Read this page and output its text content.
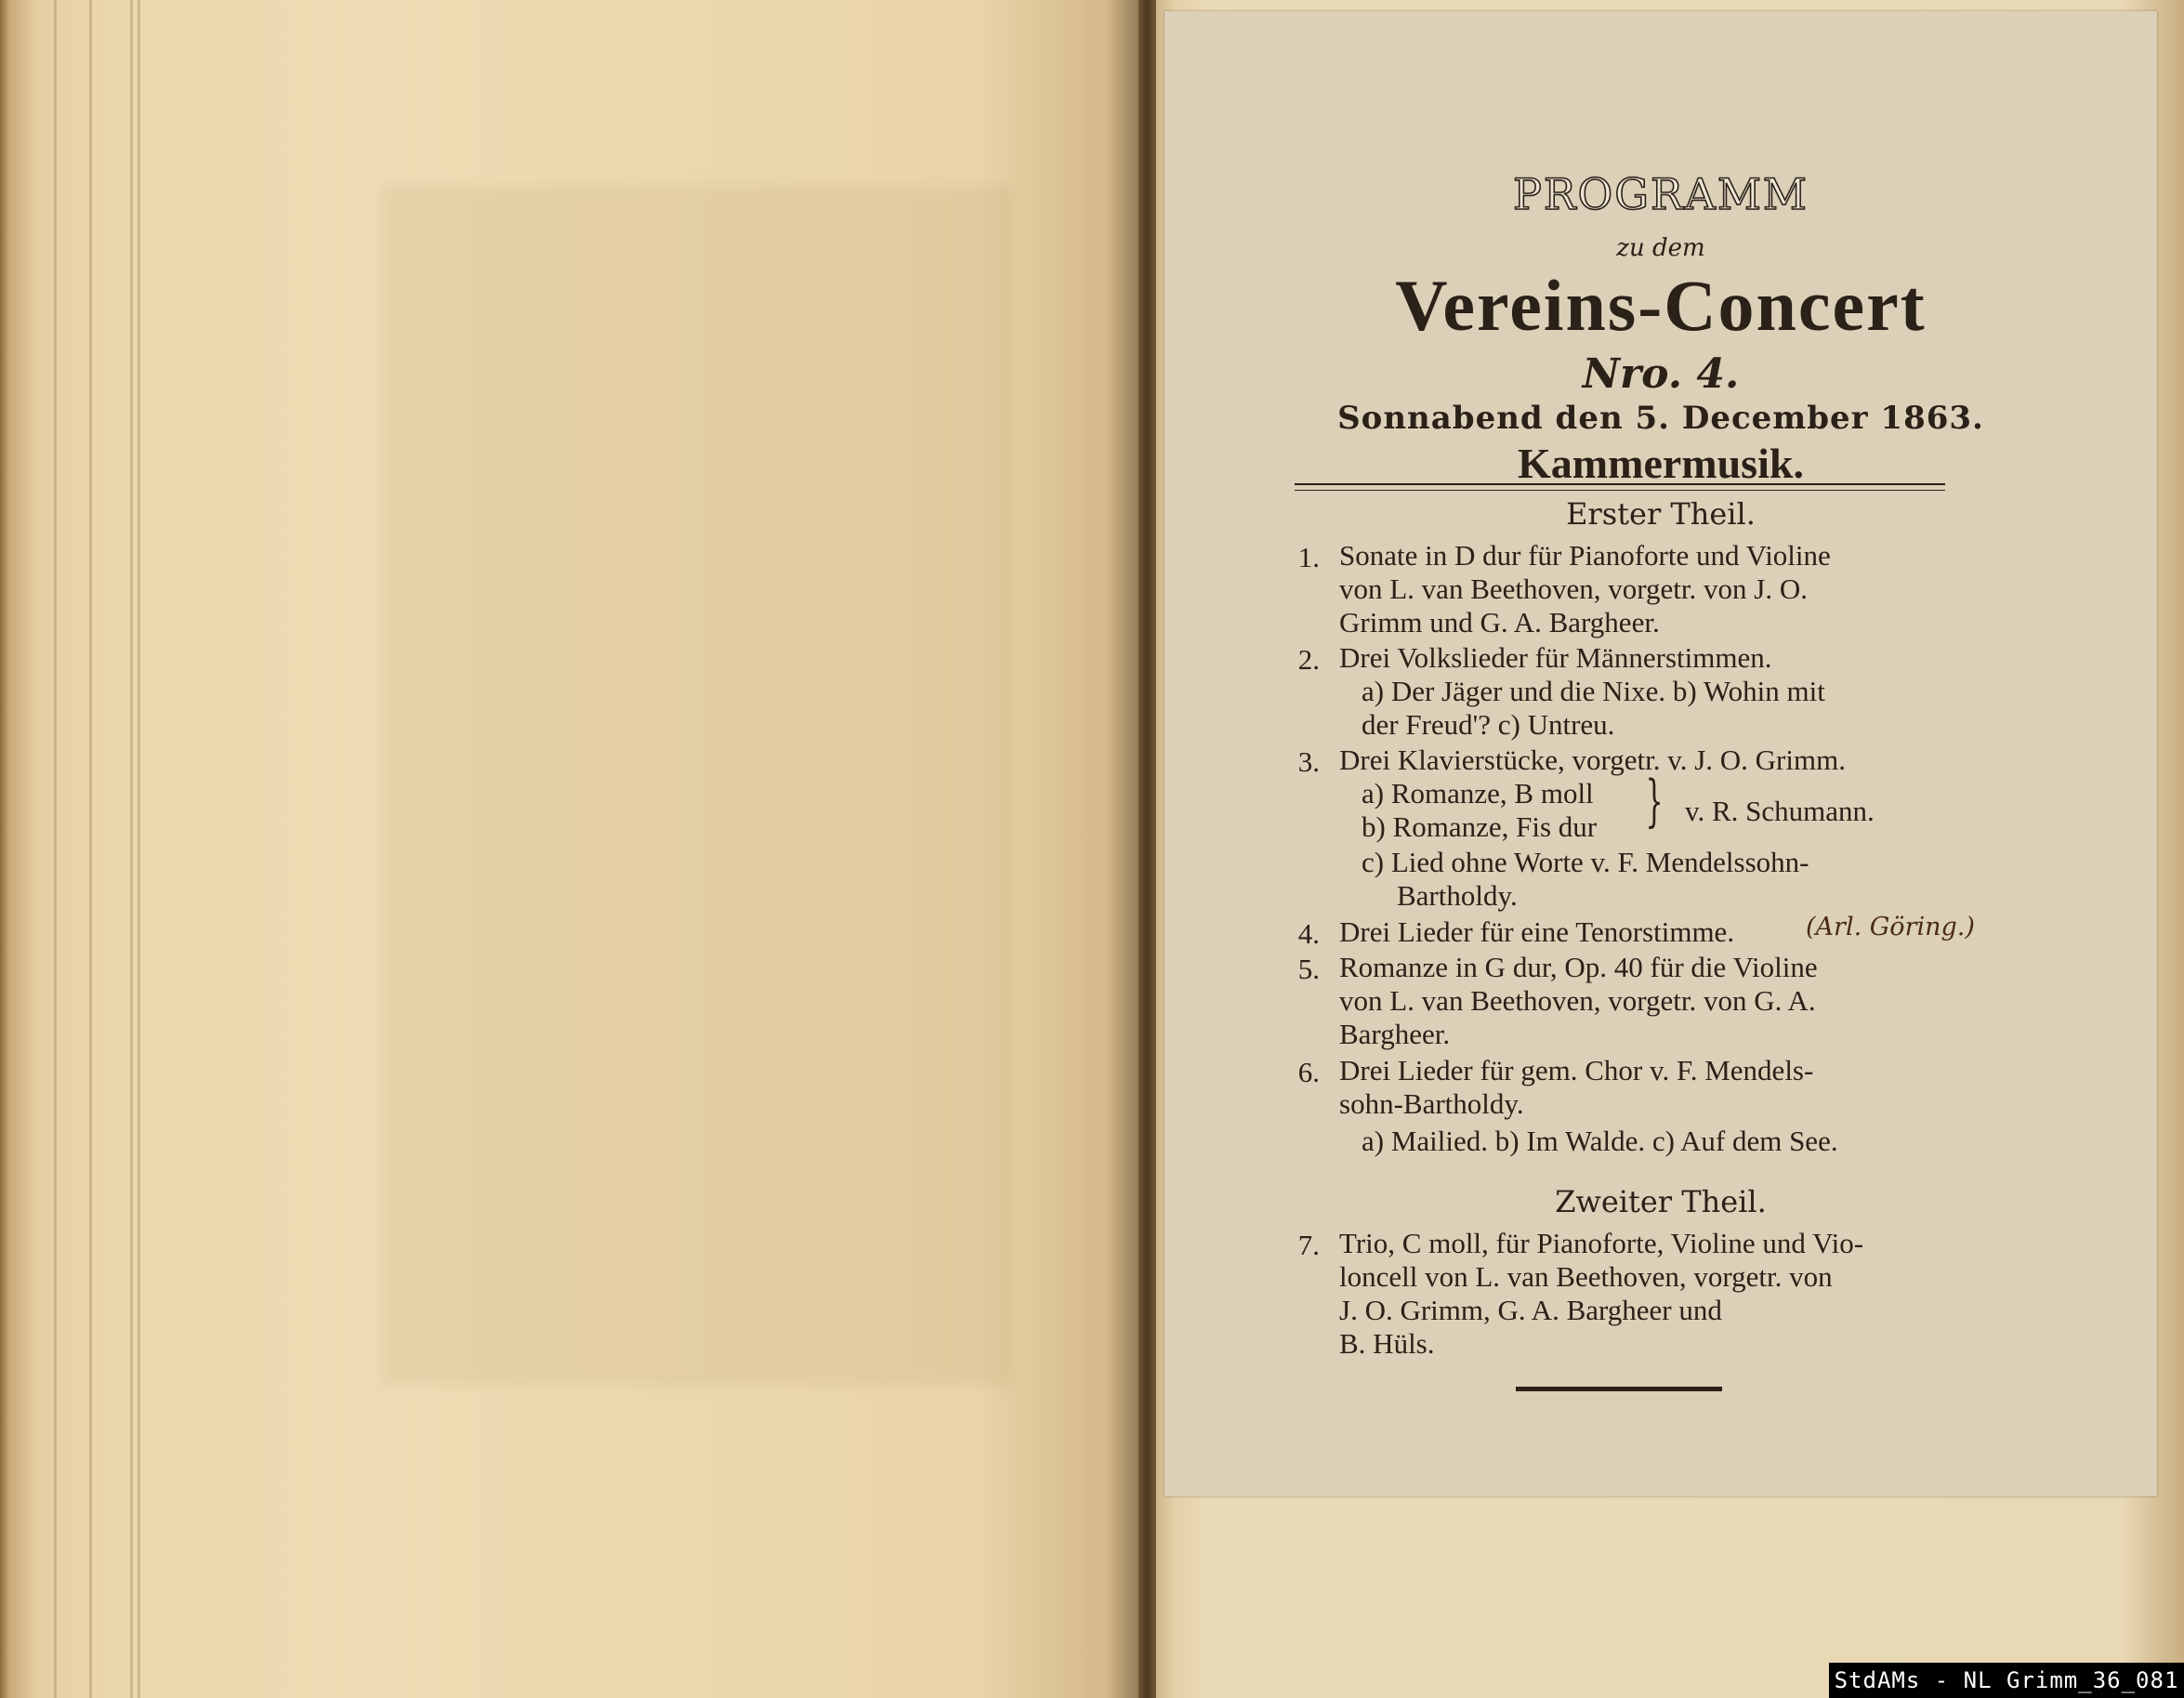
PROGRAMM
zu dem
Vereins-Concert
Nro. 4.
Sonnabend den 5. December 1863.
Kammermusik.
Erster Theil.
1. Sonate in D dur für Pianoforte und Violine
von L. van Beethoven, vorgetr. von J. O.
Grimm und G. A. Bargheer.
2. Drei Volkslieder für Männerstimmen.
a) Der Jäger und die Nixe. b) Wohin mit
der Freud'? c) Untreu.
3. Drei Klavierstücke, vorgetr. v. J. O. Grimm.
a) Romanze, B moll
b) Romanze, Fis dur } v. R. Schumann.
c) Lied ohne Worte v. F. Mendelssohn-
Bartholdy.
4. Drei Lieder für eine Tenorstimme.	(Arl. Göring.)
5. Romanze in G dur, Op. 40 für die Violine
von L. van Beethoven, vorgetr. von G. A.
Bargheer.
6. Drei Lieder für gem. Chor v. F. Mendels-
sohn-Bartholdy.
a) Mailied. b) Im Walde. c) Auf dem See.
Zweiter Theil.
7. Trio, C moll, für Pianoforte, Violine und Vio-
loncell von L. van Beethoven, vorgetr. von
J. O. Grimm, G. A. Bargheer und
B. Hüls.
StdAMs - NL Grimm_36_081
